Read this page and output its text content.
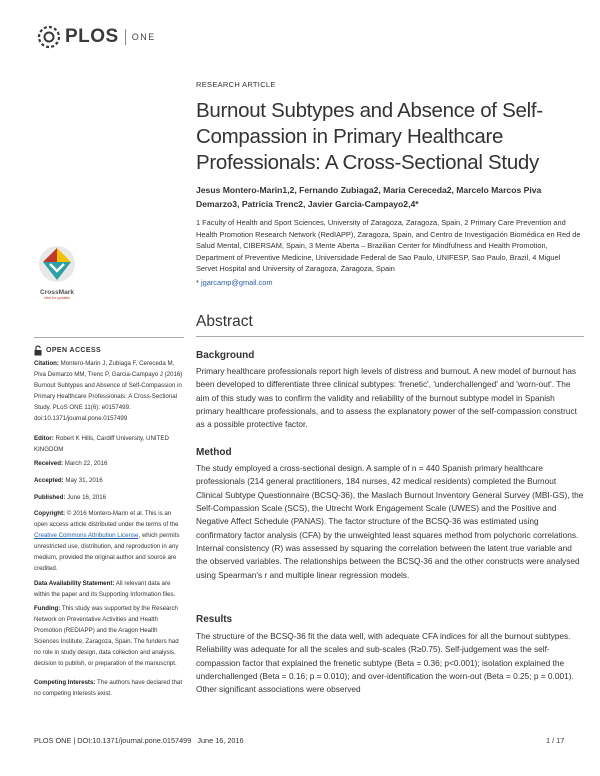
PLOS ONE
RESEARCH ARTICLE
Burnout Subtypes and Absence of Self-Compassion in Primary Healthcare Professionals: A Cross-Sectional Study
Jesus Montero-Marin1,2, Fernando Zubiaga2, Maria Cereceda2, Marcelo Marcos Piva Demarzo3, Patricia Trenc2, Javier Garcia-Campayo2,4*
1 Faculty of Health and Sport Sciences, University of Zaragoza, Zaragoza, Spain, 2 Primary Care Prevention and Health Promotion Research Network (RedIAPP), Zaragoza, Spain, and Centro de Investigación Biomédica en Red de Salud Mental, CIBERSAM, Spain, 3 Mente Aberta – Brazilian Center for Mindfulness and Health Promotion, Department of Preventive Medicine, Universidade Federal de Sao Paulo, UNIFESP, Sao Paulo, Brazil, 4 Miguel Servet Hospital and University of Zaragoza, Zaragoza, Spain
* jgarcamp@gmail.com
CrossMark
click for updates
Abstract
Background

Primary healthcare professionals report high levels of distress and burnout. A new model of burnout has been developed to differentiate three clinical subtypes: 'frenetic', 'underchallenged' and 'worn-out'. The aim of this study was to confirm the validity and reliability of the burnout subtype model in Spanish primary healthcare professionals, and to assess the explanatory power of the self-compassion construct as a possible protective factor.

Method

The study employed a cross-sectional design. A sample of n = 440 Spanish primary healthcare professionals (214 general practitioners, 184 nurses, 42 medical residents) completed the Burnout Clinical Subtype Questionnaire (BCSQ-36), the Maslach Burnout Inventory General Survey (MBI-GS), the Self-Compassion Scale (SCS), the Utrecht Work Engagement Scale (UWES) and the Positive and Negative Affect Schedule (PANAS). The factor structure of the BCSQ-36 was estimated using confirmatory factor analysis (CFA) by the unweighted least squares method from polychoric correlations. Internal consistency (R) was assessed by squaring the correlation between the latent true variable and the observed variables. The relationships between the BCSQ-36 and the other constructs were analysed using Spearman's r and multiple linear regression models.

Results

The structure of the BCSQ-36 fit the data well, with adequate CFA indices for all the burnout subtypes. Reliability was adequate for all the scales and sub-scales (R≥0.75). Self-judgement was the self-compassion factor that explained the frenetic subtype (Beta = 0.36; p<0.001); isolation explained the underchallenged (Beta = 0.16; p = 0.010); and over-identification the worn-out (Beta = 0.25; p = 0.001). Other significant associations were observed

OPEN ACCESS

Citation: Montero-Marin J, Zubiaga F, Cereceda M, Piva Demarzo MM, Trenc P, Garcia-Campayo J (2016) Burnout Subtypes and Absence of Self-Compassion in Primary Healthcare Professionals: A Cross-Sectional Study. PLoS ONE 11(6): e0157499. doi:10.1371/journal.pone.0157499

Editor: Robert K Hills, Cardiff University, UNITED KINGDOM

Received: March 22, 2016

Accepted: May 31, 2016

Published: June 16, 2016

Copyright: © 2016 Montero-Marin et al. This is an open access article distributed under the terms of the Creative Commons Attribution License, which permits unrestricted use, distribution, and reproduction in any medium, provided the original author and source are credited.

Data Availability Statement: All relevant data are within the paper and its Supporting Information files.

Funding: This study was supported by the Research Network on Preventative Activities and Health Promotion (REDIAPP) and the Aragon Health Sciences Institute, Zaragoza, Spain. The funders had no role in study design, data collection and analysis, decision to publish, or preparation of the manuscript.

Competing Interests: The authors have declared that no competing interests exist.

PLOS ONE | DOI:10.1371/journal.pone.0157499   June 16, 2016	1 / 17
